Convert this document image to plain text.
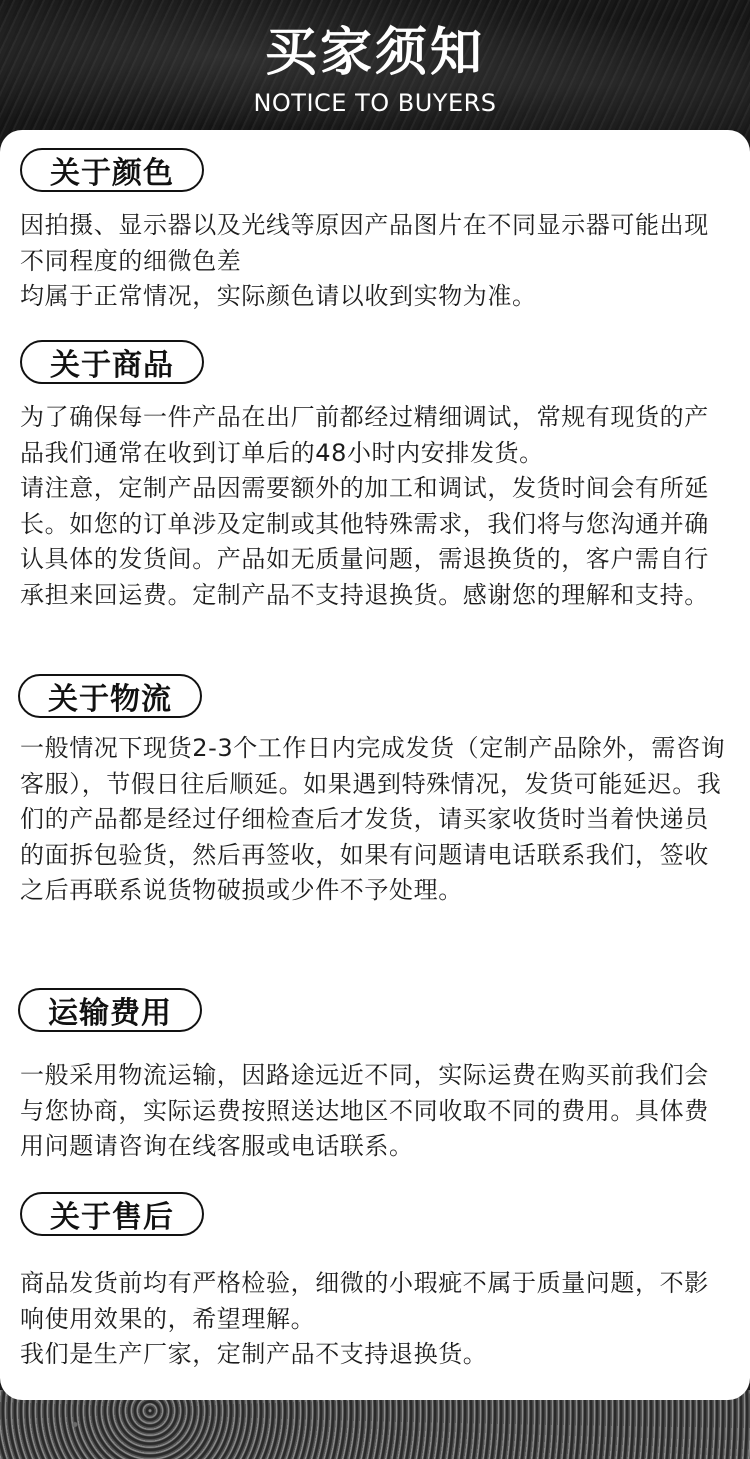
买家须知
NOTICE TO BUYERS
关于颜色
因拍摄、显示器以及光线等原因产品图片在不同显示器可能出现不同程度的细微色差
均属于正常情况，实际颜色请以收到实物为准。
关于商品
为了确保每一件产品在出厂前都经过精细调试，常规有现货的产品我们通常在收到订单后的48小时内安排发货。
请注意，定制产品因需要额外的加工和调试，发货时间会有所延长。如您的订单涉及定制或其他特殊需求，我们将与您沟通并确认具体的发货间。产品如无质量问题，需退换货的，客户需自行承担来回运费。定制产品不支持退换货。感谢您的理解和支持。
关于物流
一般情况下现货2-3个工作日内完成发货（定制产品除外，需咨询客服），节假日往后顺延。如果遇到特殊情况，发货可能延迟。我们的产品都是经过仔细检查后才发货，请买家收货时当着快递员的面拆包验货，然后再签收，如果有问题请电话联系我们，签收之后再联系说货物破损或少件不予处理。
运输费用
一般采用物流运输，因路途远近不同，实际运费在购买前我们会与您协商，实际运费按照送达地区不同收取不同的费用。具体费用问题请咨询在线客服或电话联系。
关于售后
商品发货前均有严格检验，细微的小瑕疵不属于质量问题，不影响使用效果的，希望理解。
我们是生产厂家，定制产品不支持退换货。
